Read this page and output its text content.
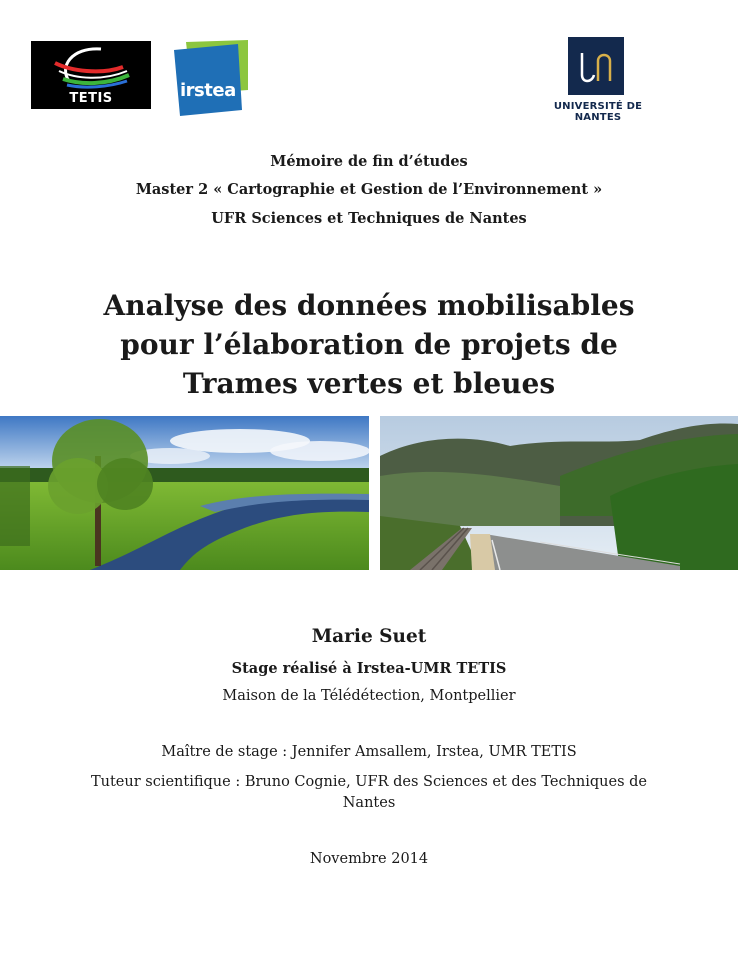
TETIS	irstea
UNIVERSITÉ DE NANTES
Mémoire de fin d’études
Master 2 « Cartographie et Gestion de l’Environnement »
UFR Sciences et Techniques de Nantes
Analyse des données mobilisables
pour l’élaboration de projets de
Trames vertes et bleues
Marie Suet
Stage réalisé à Irstea-UMR TETIS
Maison de la Télédétection, Montpellier
Maître de stage : Jennifer Amsallem, Irstea, UMR TETIS
Tuteur scientifique : Bruno Cognie, UFR des Sciences et des Techniques de
Nantes
Novembre 2014
